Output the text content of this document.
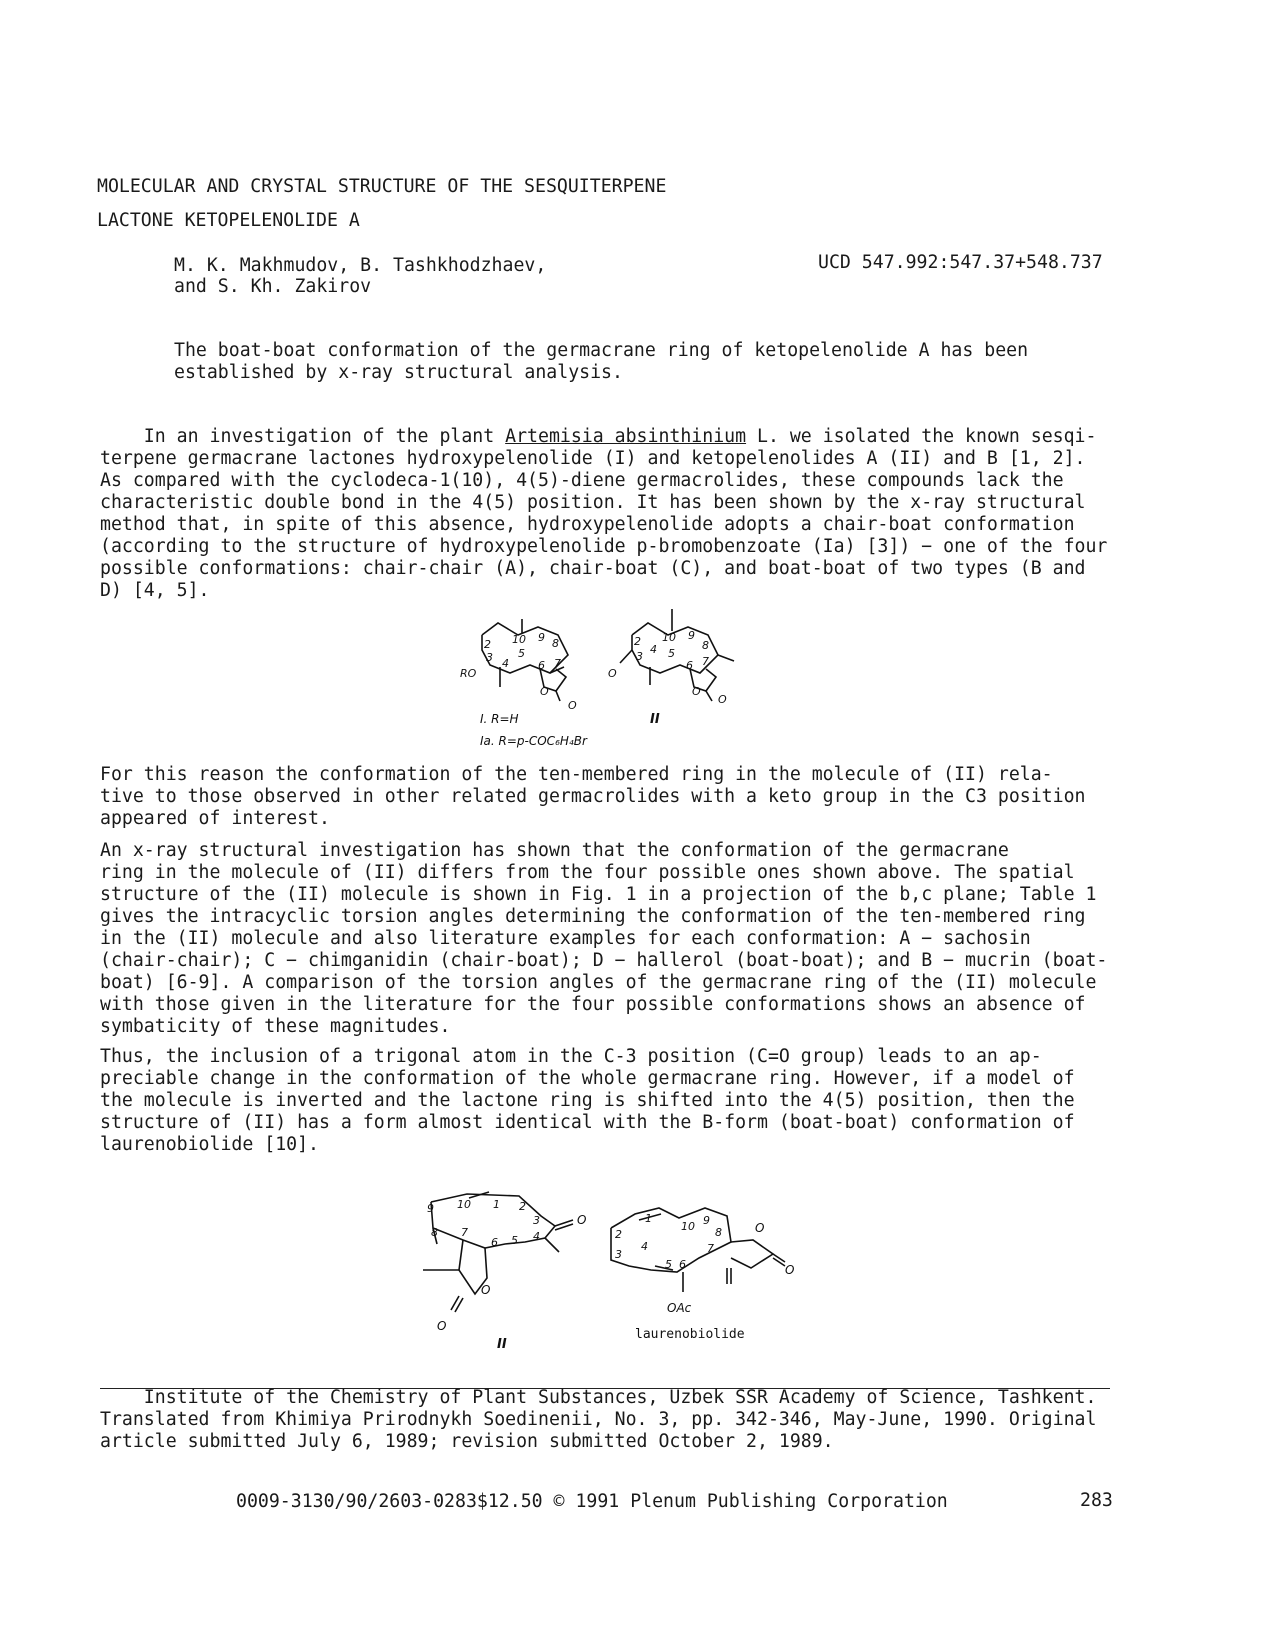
MOLECULAR AND CRYSTAL STRUCTURE OF THE SESQUITERPENE
LACTONE KETOPELENOLIDE A
M. K. Makhmudov, B. Tashkhodzhaev,
and S. Kh. Zakirov
UCD 547.992:547.37+548.737
The boat-boat conformation of the germacrane ring of ketopelenolide A has been
established by x-ray structural analysis.

In an investigation of the plant Artemisia absinthinium L. we isolated the known sesqi-

terpene germacrane lactones hydroxypelenolide (I) and ketopelenolides A (II) and B [1, 2].

As compared with the cyclodeca-1(10), 4(5)-diene germacrolides, these compounds lack the

characteristic double bond in the 4(5) position. It has been shown by the x-ray structural

method that, in spite of this absence, hydroxypelenolide adopts a chair-boat conformation

(according to the structure of hydroxypelenolide p-bromobenzoate (Ia) [3]) − one of the four

possible conformations: chair-chair (A), chair-boat (C), and boat-boat of two types (B and

D) [4, 5].

2
3 4
5
10 9 8
6 7
RO
O
O
I. R=H
Ia. R=p-COC₆H₄Br
2
3
4 5
10 9
8
6 7
O
O
O
II

For this reason the conformation of the ten-membered ring in the molecule of (II) rela-

tive to those observed in other related germacrolides with a keto group in the C3 position

appeared of interest.

An x-ray structural investigation has shown that the conformation of the germacrane

ring in the molecule of (II) differs from the four possible ones shown above. The spatial

structure of the (II) molecule is shown in Fig. 1 in a projection of the b,c plane; Table 1

gives the intracyclic torsion angles determining the conformation of the ten-membered ring

in the (II) molecule and also literature examples for each conformation: A − sachosin

(chair-chair); C − chimganidin (chair-boat); D − hallerol (boat-boat); and B − mucrin (boat-

boat) [6-9]. A comparison of the torsion angles of the germacrane ring of the (II) molecule

with those given in the literature for the four possible conformations shows an absence of

symbaticity of these magnitudes.

Thus, the inclusion of a trigonal atom in the C-3 position (C=O group) leads to an ap-

preciable change in the conformation of the whole germacrane ring. However, if a model of

the molecule is inverted and the lactone ring is shifted into the 4(5) position, then the

structure of (II) has a form almost identical with the B-form (boat-boat) conformation of

laurenobiolide [10].

9 10 1 2
3
4
5
6
7
8
O
O
O
II
2
1
10 9
8
7
3
4
5 6
O
O
OAc
laurenobiolide

Institute of the Chemistry of Plant Substances, Uzbek SSR Academy of Science, Tashkent.

Translated from Khimiya Prirodnykh Soedinenii, No. 3, pp. 342-346, May-June, 1990. Original

article submitted July 6, 1989; revision submitted October 2, 1989.

0009-3130/90/2603-0283$12.50 © 1991 Plenum Publishing Corporation	283
